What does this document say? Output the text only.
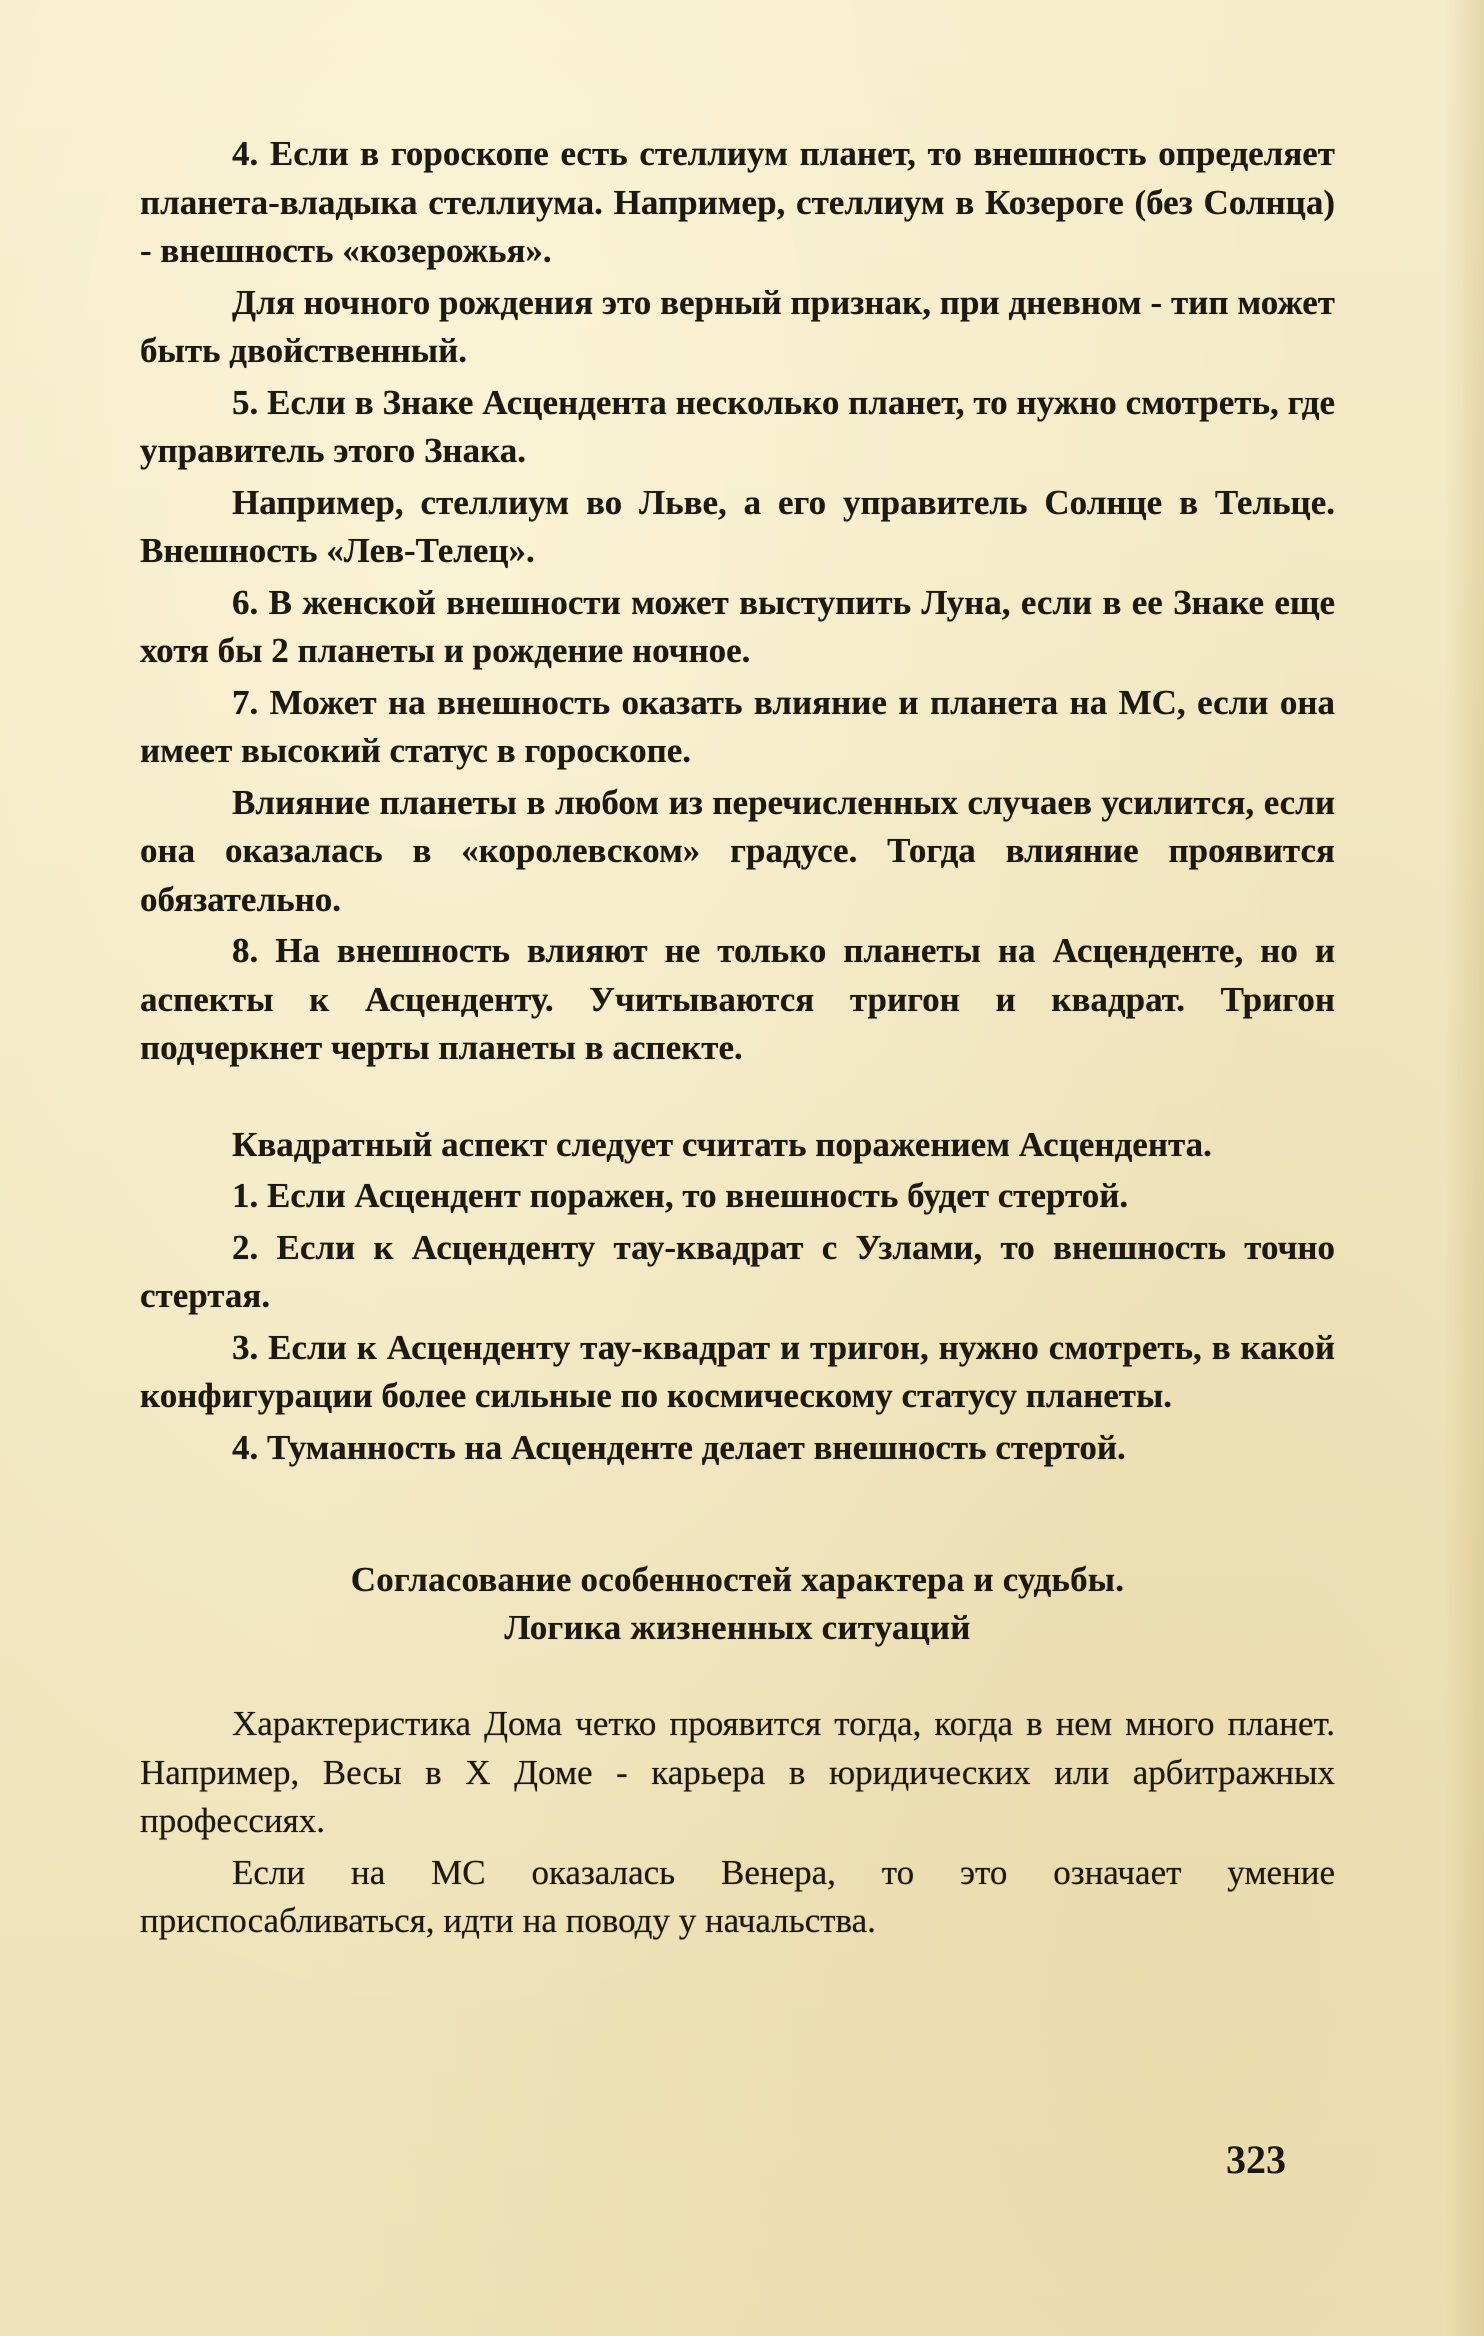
4. Если в гороскопе есть стеллиум планет, то внешность определяет планета-владыка стеллиума. Например, стеллиум в Козероге (без Солнца) - внешность «козерожья».

Для ночного рождения это верный признак, при дневном - тип может быть двойственный.

5. Если в Знаке Асцендента несколько планет, то нужно смотреть, где управитель этого Знака.

Например, стеллиум во Льве, а его управитель Солнце в Тельце. Внешность «Лев-Телец».

6. В женской внешности может выступить Луна, если в ее Знаке еще хотя бы 2 планеты и рождение ночное.

7. Может на внешность оказать влияние и планета на МС, если она имеет высокий статус в гороскопе.

Влияние планеты в любом из перечисленных случаев усилится, если она оказалась в «королевском» градусе. Тогда влияние проявится обязательно.

8. На внешность влияют не только планеты на Асценденте, но и аспекты к Асценденту. Учитываются тригон и квадрат. Тригон подчеркнет черты планеты в аспекте.

Квадратный аспект следует считать поражением Асцендента.

1. Если Асцендент поражен, то внешность будет стертой.

2. Если к Асценденту тау-квадрат с Узлами, то внешность точно стертая.

3. Если к Асценденту тау-квадрат и тригон, нужно смотреть, в какой конфигурации более сильные по космическому статусу планеты.

4. Туманность на Асценденте делает внешность стертой.

Согласование особенностей характера и судьбы.
Логика жизненных ситуаций

Характеристика Дома четко проявится тогда, когда в нем много планет. Например, Весы в X Доме - карьера в юридических или арбитражных профессиях.

Если на МС оказалась Венера, то это означает умение приспосабливаться, идти на поводу у начальства.

323
